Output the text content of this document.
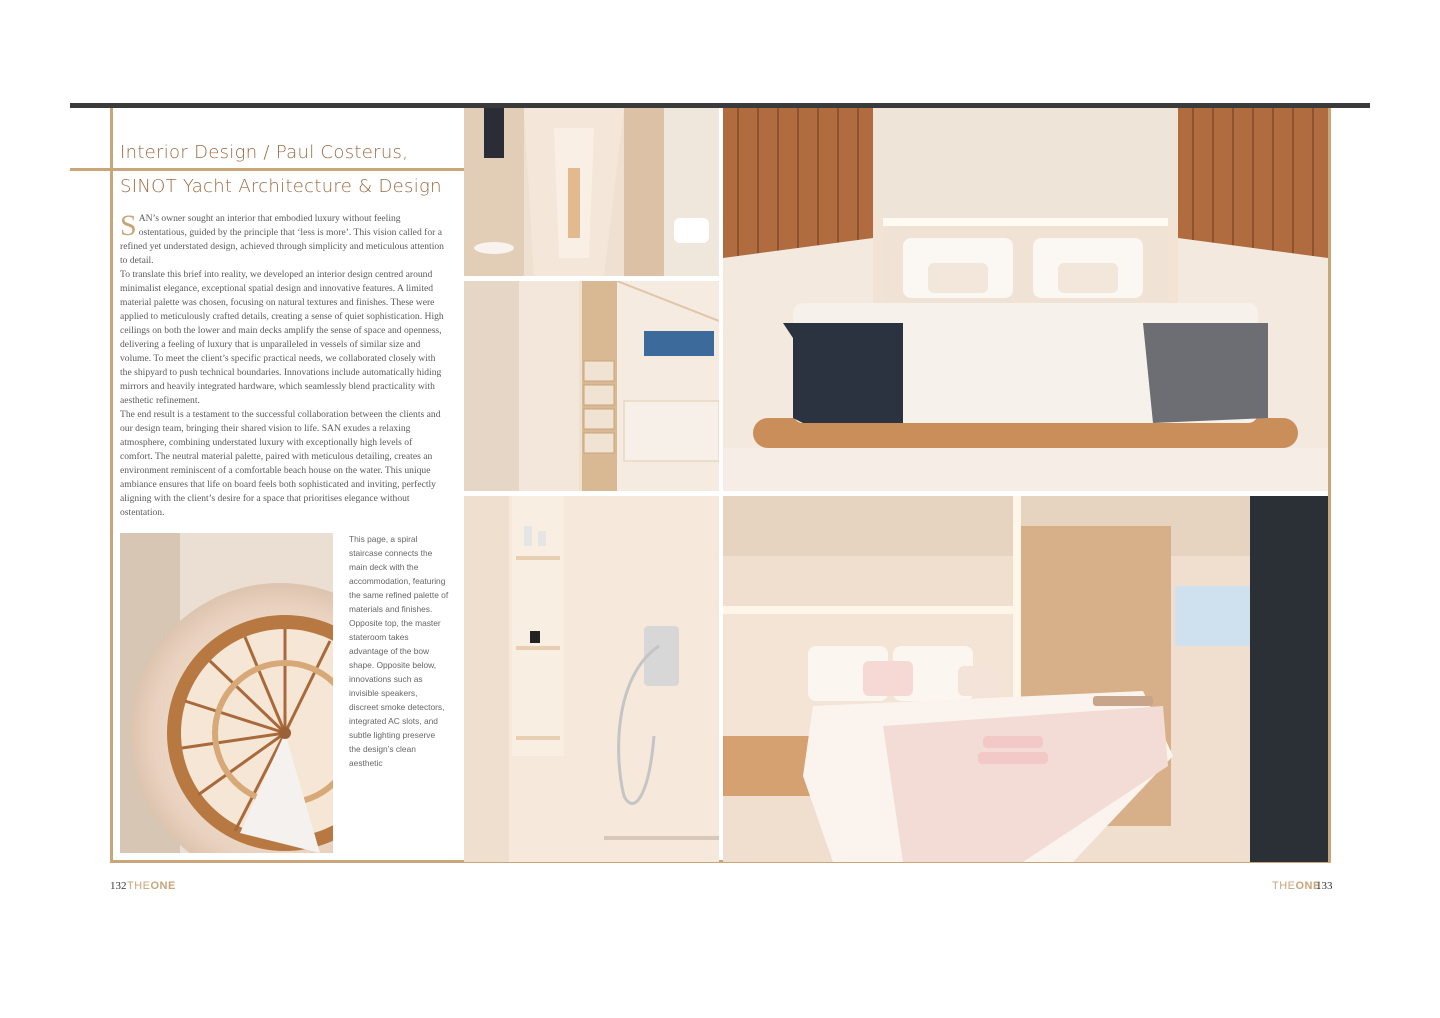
Interior Design / Paul Costerus,
SINOT Yacht Architecture & Design

SAN’s owner sought an interior that embodied luxury without feeling ostentatious, guided by the principle that ‘less is more’. This vision called for a refined yet understated design, achieved through simplicity and meticulous attention to detail.

To translate this brief into reality, we developed an interior design centred around minimalist elegance, exceptional spatial design and innovative features. A limited material palette was chosen, focusing on natural textures and finishes. These were applied to meticulously crafted details, creating a sense of quiet sophistication. High ceilings on both the lower and main decks amplify the sense of space and openness, delivering a feeling of luxury that is unparalleled in vessels of similar size and volume. To meet the client’s specific practical needs, we collaborated closely with the shipyard to push technical boundaries. Innovations include automatically hiding mirrors and heavily integrated hardware, which seamlessly blend practicality with aesthetic refinement.

The end result is a testament to the successful collaboration between the clients and our design team, bringing their shared vision to life. SAN exudes a relaxing atmosphere, combining understated luxury with exceptionally high levels of comfort. The neutral material palette, paired with meticulous detailing, creates an environment reminiscent of a comfortable beach house on the water. This unique ambiance ensures that life on board feels both sophisticated and inviting, perfectly aligning with the client’s desire for a space that prioritises elegance without ostentation.

This page, a spiral staircase connects the main deck with the accommodation, featuring the same refined palette of materials and finishes. Opposite top, the master stateroom takes advantage of the bow shape. Opposite below, innovations such as invisible speakers, discreet smoke detectors, integrated AC slots, and subtle lighting preserve the design’s clean aesthetic
132 THEONE	THEONE
133
